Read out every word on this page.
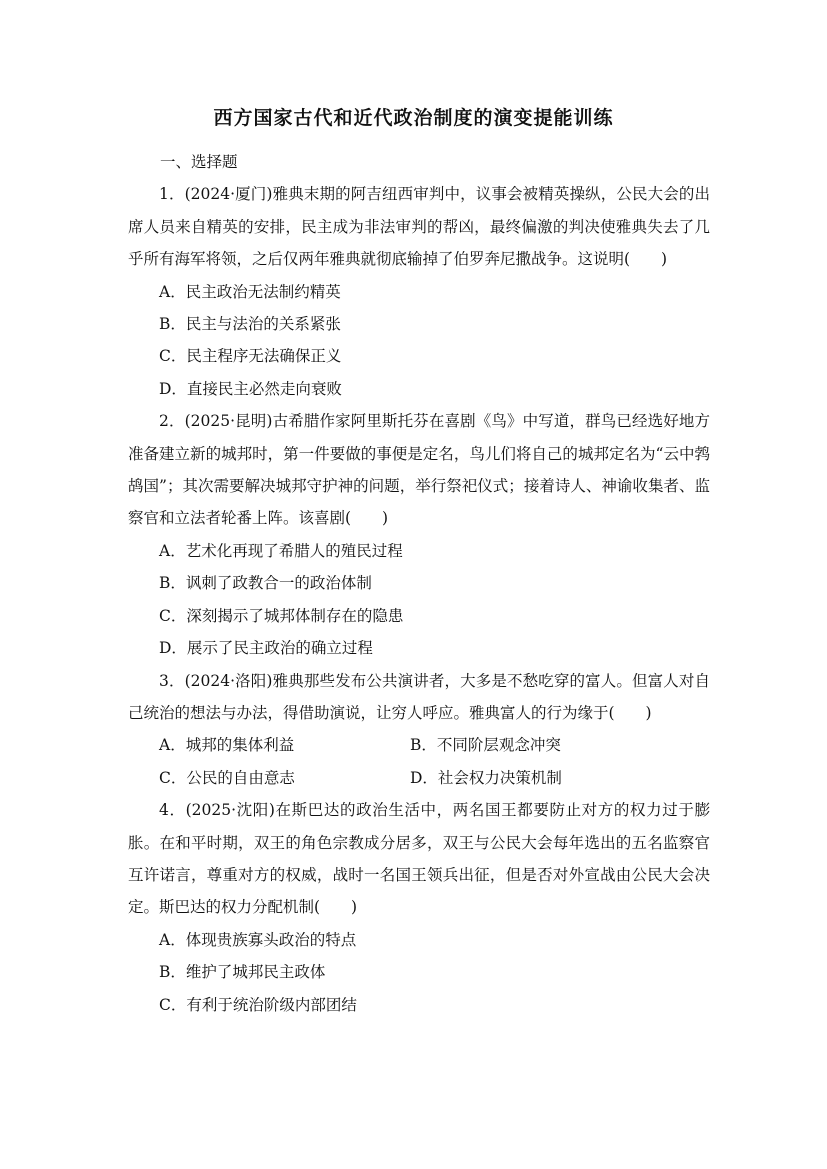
西方国家古代和近代政治制度的演变提能训练
一、选择题

1．(2024·厦门)雅典末期的阿吉纽西审判中，议事会被精英操纵，公民大会的出席人员来自精英的安排，民主成为非法审判的帮凶，最终偏激的判决使雅典失去了几乎所有海军将领，之后仅两年雅典就彻底输掉了伯罗奔尼撒战争。这说明(　　)

A．民主政治无法制约精英

B．民主与法治的关系紧张

C．民主程序无法确保正义

D．直接民主必然走向衰败

2．(2025·昆明)古希腊作家阿里斯托芬在喜剧《鸟》中写道，群鸟已经选好地方准备建立新的城邦时，第一件要做的事便是定名，鸟儿们将自己的城邦定名为“云中鹁鸪国”；其次需要解决城邦守护神的问题，举行祭祀仪式；接着诗人、神谕收集者、监察官和立法者轮番上阵。该喜剧(　　)

A．艺术化再现了希腊人的殖民过程

B．讽刺了政教合一的政治体制

C．深刻揭示了城邦体制存在的隐患

D．展示了民主政治的确立过程

3．(2024·洛阳)雅典那些发布公共演讲者，大多是不愁吃穿的富人。但富人对自己统治的想法与办法，得借助演说，让穷人呼应。雅典富人的行为缘于(　　)

A．城邦的集体利益	B．不同阶层观念冲突
C．公民的自由意志	D．社会权力决策机制

4．(2025·沈阳)在斯巴达的政治生活中，两名国王都要防止对方的权力过于膨胀。在和平时期，双王的角色宗教成分居多，双王与公民大会每年选出的五名监察官互许诺言，尊重对方的权威，战时一名国王领兵出征，但是否对外宣战由公民大会决定。斯巴达的权力分配机制(　　)

A．体现贵族寡头政治的特点

B．维护了城邦民主政体

C．有利于统治阶级内部团结
